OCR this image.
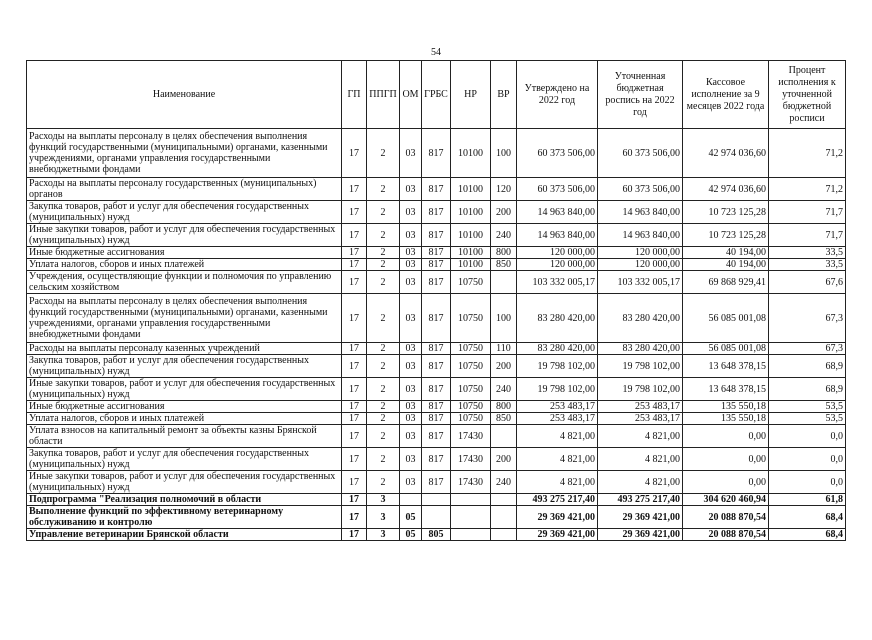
54
Наименование	ГП	ППГП	ОМ	ГРБС	НР	ВР	Утверждено на 2022 год	Уточненная бюджетная роспись на 2022 год	Кассовое исполнение за 9 месяцев 2022 года	Процент исполнения к уточненной бюджетной росписи
Расходы на выплаты персоналу в целях обеспечения выполнения функций государственными (муниципальными) органами, казенными учреждениями, органами управления государственными внебюджетными фондами	17	2	03	817	10100	100	60 373 506,00	60 373 506,00	42 974 036,60	71,2
Расходы на выплаты персоналу государственных (муниципальных) органов	17	2	03	817	10100	120	60 373 506,00	60 373 506,00	42 974 036,60	71,2
Закупка товаров, работ и услуг для обеспечения государственных (муниципальных) нужд	17	2	03	817	10100	200	14 963 840,00	14 963 840,00	10 723 125,28	71,7
Иные закупки товаров, работ и услуг для обеспечения государственных (муниципальных) нужд	17	2	03	817	10100	240	14 963 840,00	14 963 840,00	10 723 125,28	71,7
Иные бюджетные ассигнования	17	2	03	817	10100	800	120 000,00	120 000,00	40 194,00	33,5
Уплата налогов, сборов и иных платежей	17	2	03	817	10100	850	120 000,00	120 000,00	40 194,00	33,5
Учреждения, осуществляющие функции и полномочия по управлению сельским хозяйством	17	2	03	817	10750		103 332 005,17	103 332 005,17	69 868 929,41	67,6
Расходы на выплаты персоналу в целях обеспечения выполнения функций государственными (муниципальными) органами, казенными учреждениями, органами управления государственными внебюджетными фондами	17	2	03	817	10750	100	83 280 420,00	83 280 420,00	56 085 001,08	67,3
Расходы на выплаты персоналу казенных учреждений	17	2	03	817	10750	110	83 280 420,00	83 280 420,00	56 085 001,08	67,3
Закупка товаров, работ и услуг для обеспечения государственных (муниципальных) нужд	17	2	03	817	10750	200	19 798 102,00	19 798 102,00	13 648 378,15	68,9
Иные закупки товаров, работ и услуг для обеспечения государственных (муниципальных) нужд	17	2	03	817	10750	240	19 798 102,00	19 798 102,00	13 648 378,15	68,9
Иные бюджетные ассигнования	17	2	03	817	10750	800	253 483,17	253 483,17	135 550,18	53,5
Уплата налогов, сборов и иных платежей	17	2	03	817	10750	850	253 483,17	253 483,17	135 550,18	53,5
Уплата взносов на капитальный ремонт за объекты казны Брянской области	17	2	03	817	17430		4 821,00	4 821,00	0,00	0,0
Закупка товаров, работ и услуг для обеспечения государственных (муниципальных) нужд	17	2	03	817	17430	200	4 821,00	4 821,00	0,00	0,0
Иные закупки товаров, работ и услуг для обеспечения государственных (муниципальных) нужд	17	2	03	817	17430	240	4 821,00	4 821,00	0,00	0,0
Подпрограмма "Реализация полномочий в области	17	3					493 275 217,40	493 275 217,40	304 620 460,94	61,8
Выполнение функций по эффективному ветеринарному обслуживанию и контролю	17	3	05				29 369 421,00	29 369 421,00	20 088 870,54	68,4
Управление ветеринарии Брянской области	17	3	05	805			29 369 421,00	29 369 421,00	20 088 870,54	68,4
